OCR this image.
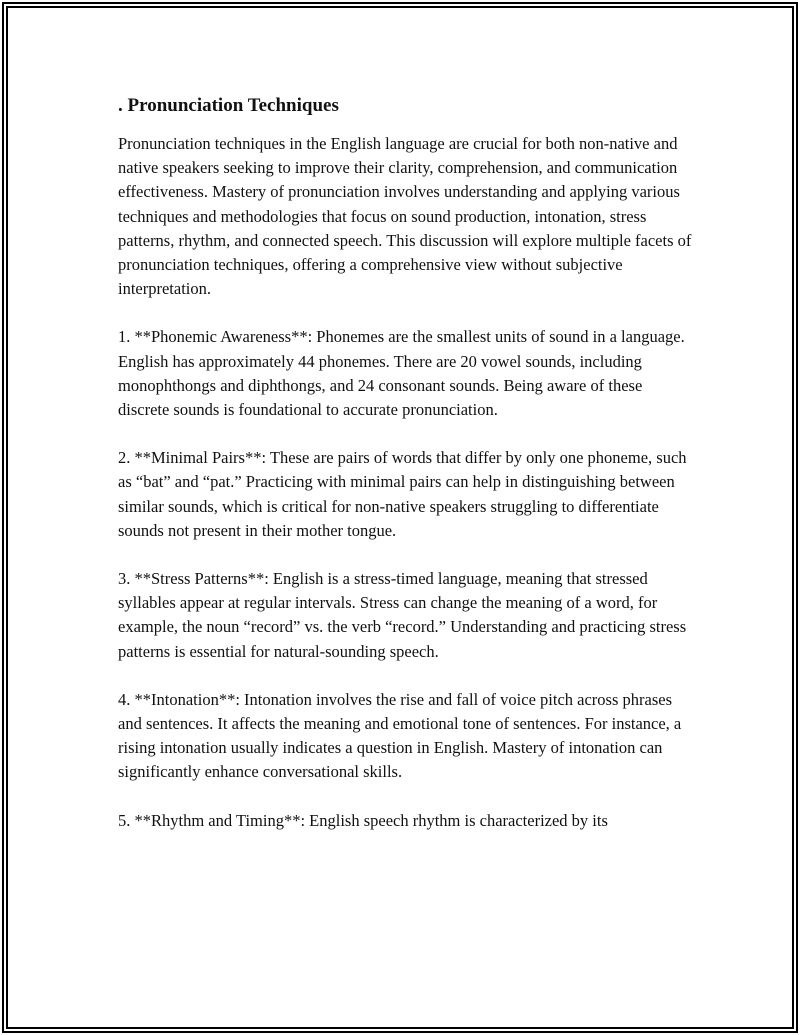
. Pronunciation Techniques

Pronunciation techniques in the English language are crucial for both non-native and native speakers seeking to improve their clarity, comprehension, and communication effectiveness. Mastery of pronunciation involves understanding and applying various techniques and methodologies that focus on sound production, intonation, stress patterns, rhythm, and connected speech. This discussion will explore multiple facets of pronunciation techniques, offering a comprehensive view without subjective interpretation.

1. **Phonemic Awareness**: Phonemes are the smallest units of sound in a language. English has approximately 44 phonemes. There are 20 vowel sounds, including monophthongs and diphthongs, and 24 consonant sounds. Being aware of these discrete sounds is foundational to accurate pronunciation.

2. **Minimal Pairs**: These are pairs of words that differ by only one phoneme, such as “bat” and “pat.” Practicing with minimal pairs can help in distinguishing between similar sounds, which is critical for non-native speakers struggling to differentiate sounds not present in their mother tongue.

3. **Stress Patterns**: English is a stress-timed language, meaning that stressed syllables appear at regular intervals. Stress can change the meaning of a word, for example, the noun “record” vs. the verb “record.” Understanding and practicing stress patterns is essential for natural-sounding speech.

4. **Intonation**: Intonation involves the rise and fall of voice pitch across phrases and sentences. It affects the meaning and emotional tone of sentences. For instance, a rising intonation usually indicates a question in English. Mastery of intonation can significantly enhance conversational skills.

5. **Rhythm and Timing**: English speech rhythm is characterized by its
